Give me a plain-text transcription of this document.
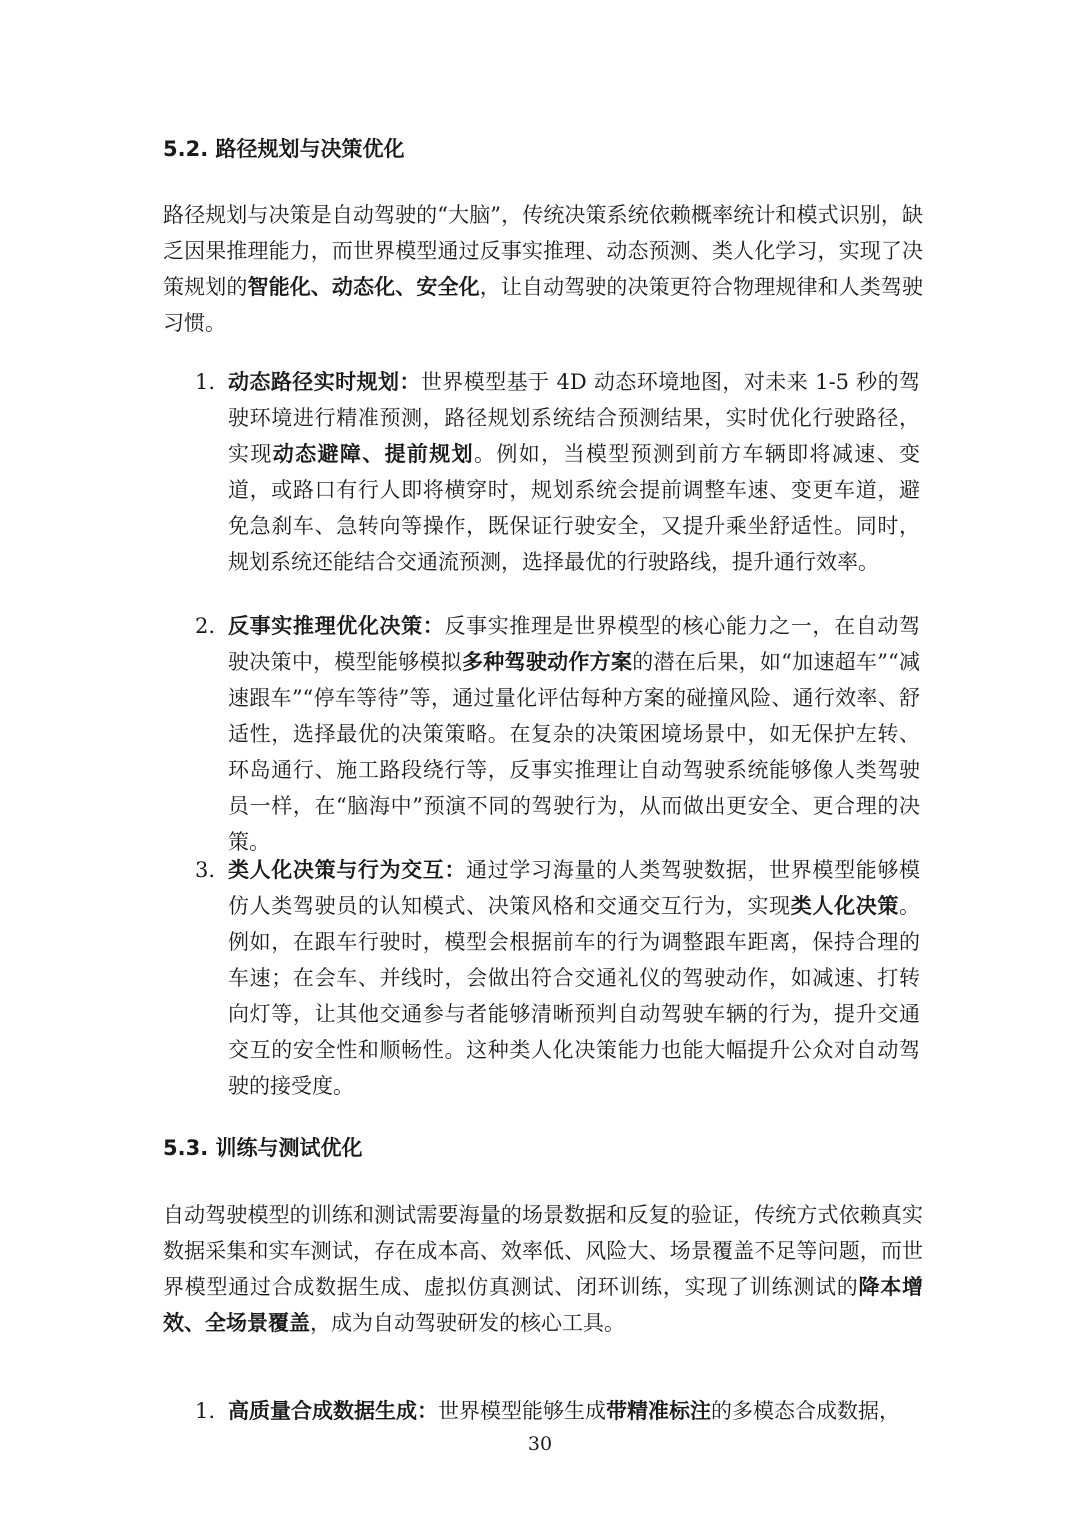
5.2. 路径规划与决策优化

路径规划与决策是自动驾驶的“大脑”，传统决策系统依赖概率统计和模式识别，缺乏因果推理能力，而世界模型通过反事实推理、动态预测、类人化学习，实现了决策规划的智能化、动态化、安全化，让自动驾驶的决策更符合物理规律和人类驾驶习惯。

1. 动态路径实时规划：世界模型基于 4D 动态环境地图，对未来 1-5 秒的驾驶环境进行精准预测，路径规划系统结合预测结果，实时优化行驶路径，实现动态避障、提前规划。例如，当模型预测到前方车辆即将减速、变道，或路口有行人即将横穿时，规划系统会提前调整车速、变更车道，避免急刹车、急转向等操作，既保证行驶安全，又提升乘坐舒适性。同时，规划系统还能结合交通流预测，选择最优的行驶路线，提升通行效率。
2. 反事实推理优化决策：反事实推理是世界模型的核心能力之一，在自动驾驶决策中，模型能够模拟多种驾驶动作方案的潜在后果，如“加速超车”“减速跟车”“停车等待”等，通过量化评估每种方案的碰撞风险、通行效率、舒适性，选择最优的决策策略。在复杂的决策困境场景中，如无保护左转、环岛通行、施工路段绕行等，反事实推理让自动驾驶系统能够像人类驾驶员一样，在“脑海中”预演不同的驾驶行为，从而做出更安全、更合理的决策。
3. 类人化决策与行为交互：通过学习海量的人类驾驶数据，世界模型能够模仿人类驾驶员的认知模式、决策风格和交通交互行为，实现类人化决策。例如，在跟车行驶时，模型会根据前车的行为调整跟车距离，保持合理的车速；在会车、并线时，会做出符合交通礼仪的驾驶动作，如减速、打转向灯等，让其他交通参与者能够清晰预判自动驾驶车辆的行为，提升交通交互的安全性和顺畅性。这种类人化决策能力也能大幅提升公众对自动驾驶的接受度。
5.3. 训练与测试优化

自动驾驶模型的训练和测试需要海量的场景数据和反复的验证，传统方式依赖真实数据采集和实车测试，存在成本高、效率低、风险大、场景覆盖不足等问题，而世界模型通过合成数据生成、虚拟仿真测试、闭环训练，实现了训练测试的降本增效、全场景覆盖，成为自动驾驶研发的核心工具。

1. 高质量合成数据生成：世界模型能够生成带精准标注的多模态合成数据，

30
